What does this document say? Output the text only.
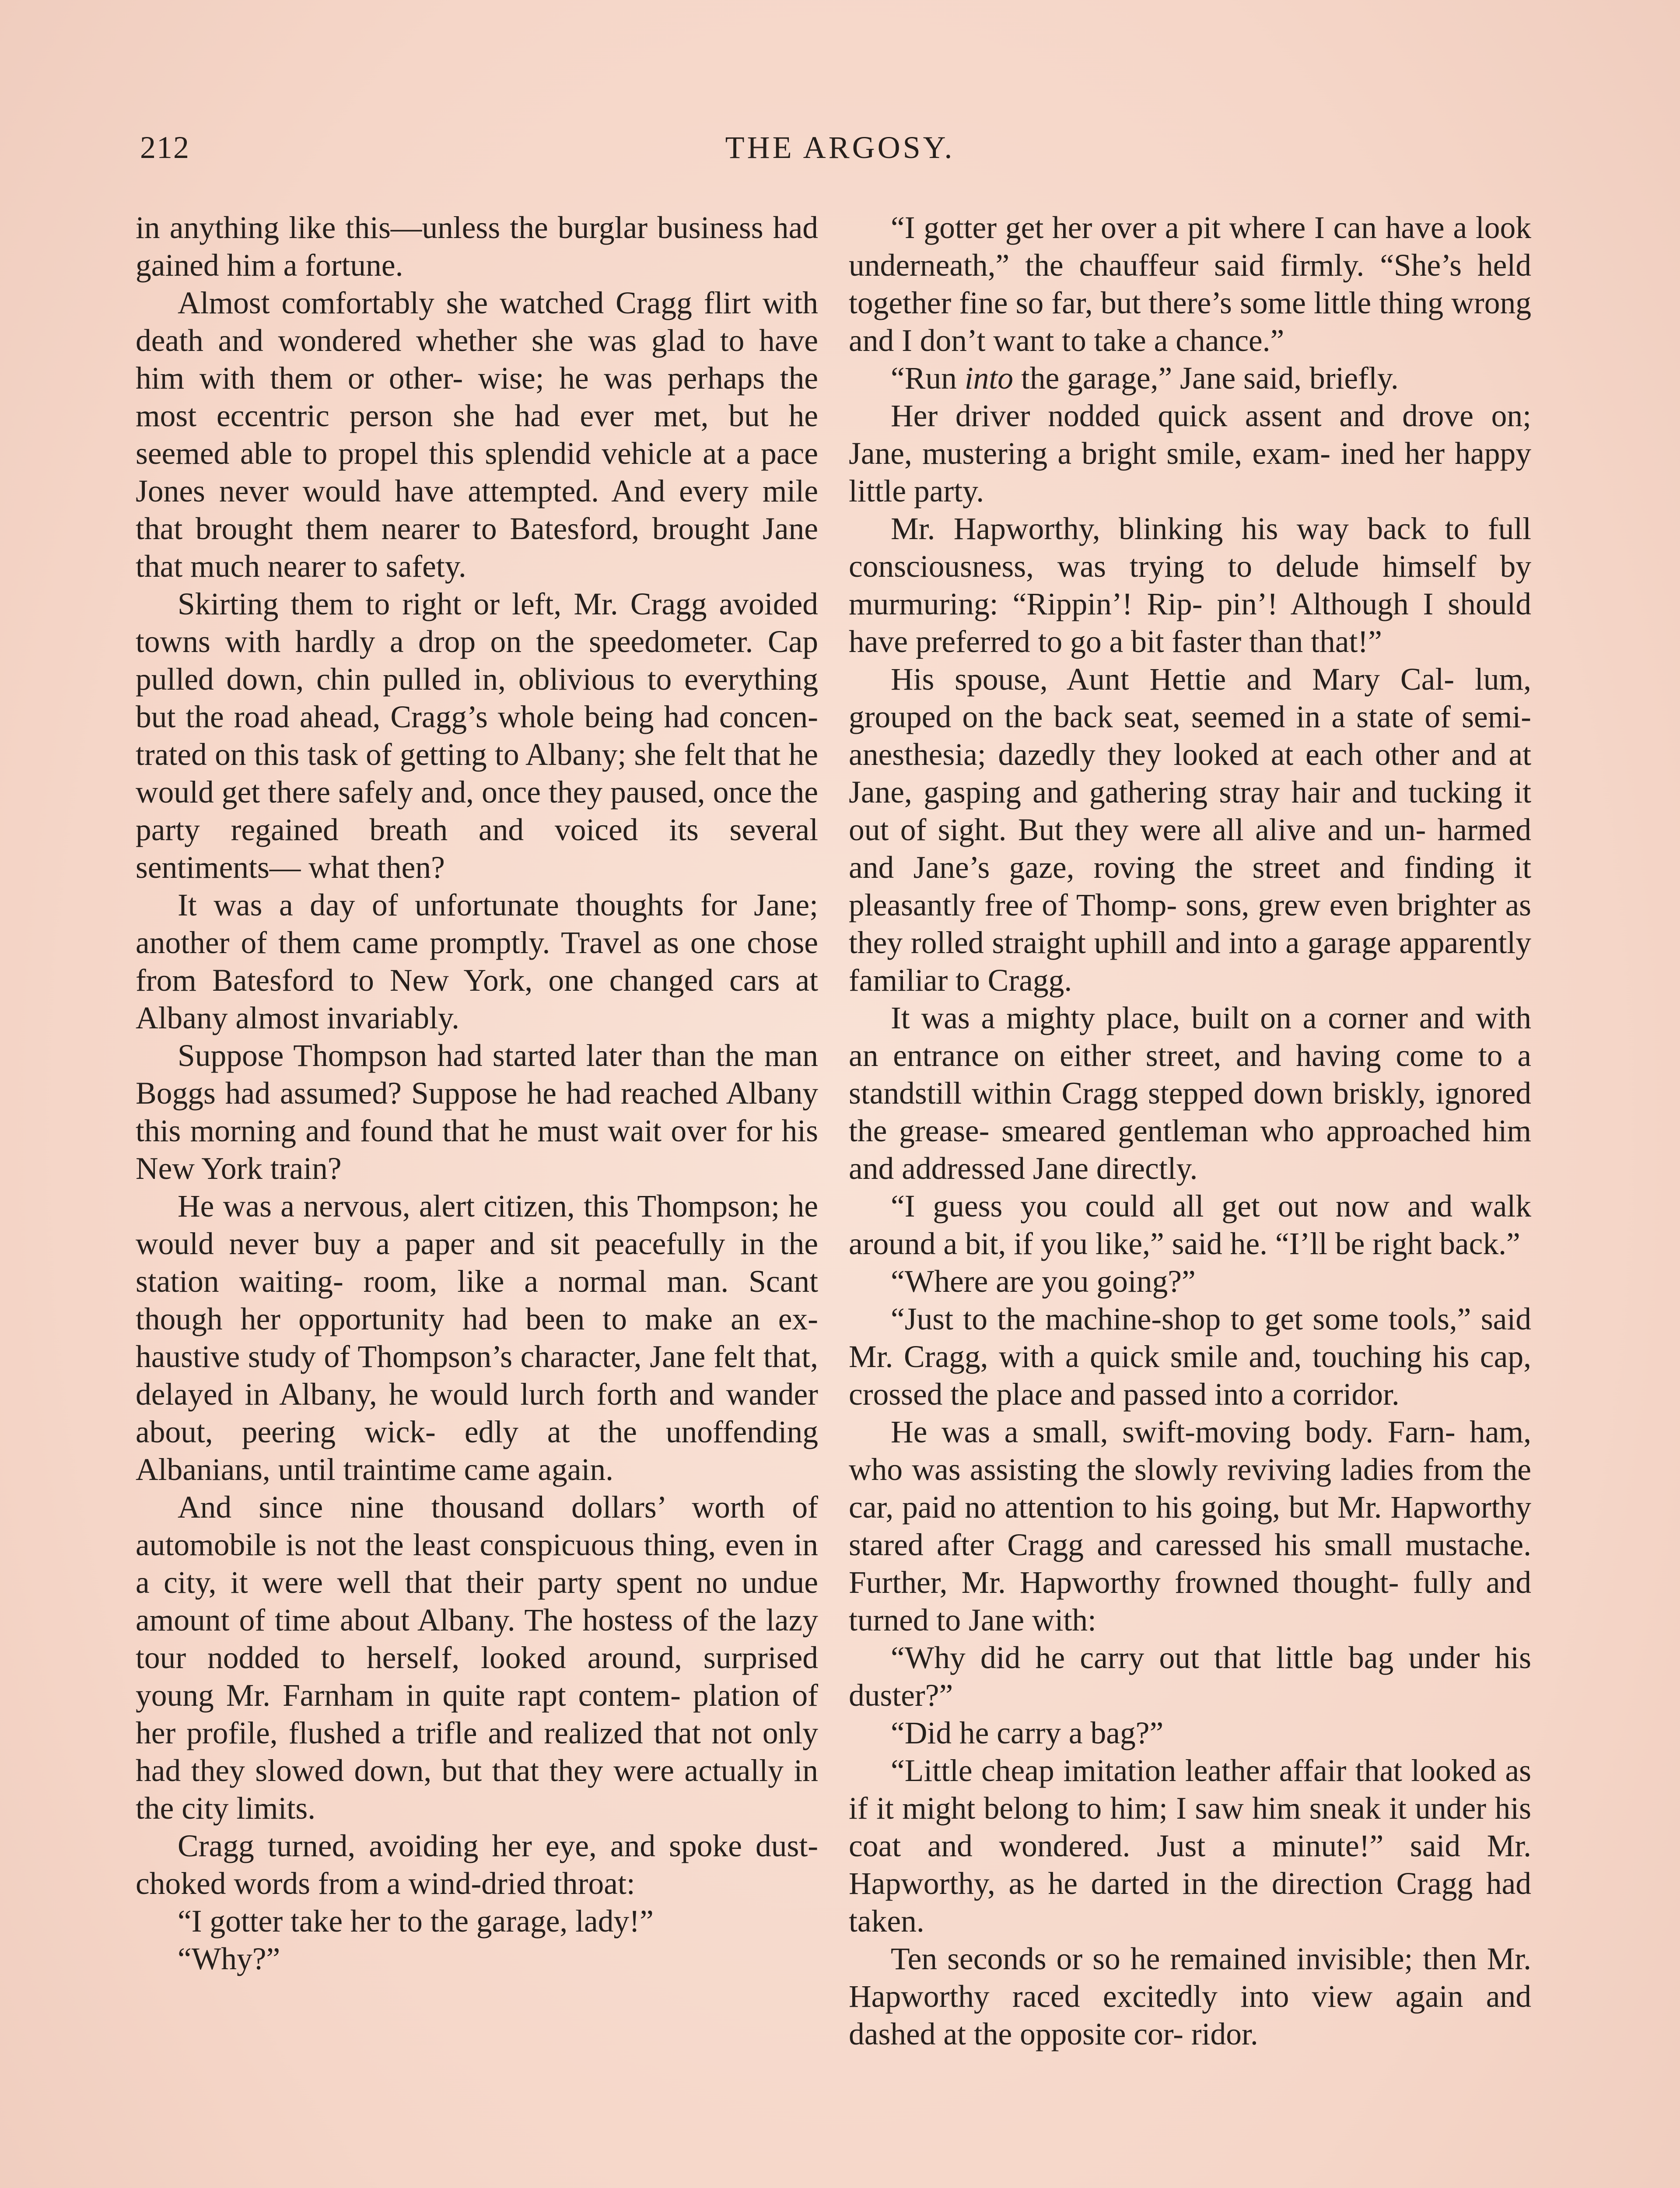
212	THE ARGOSY.

in anything like this—unless the burglar business had gained him a fortune.

Almost comfortably she watched Cragg flirt with death and wondered whether she was glad to have him with them or other- wise; he was perhaps the most eccentric person she had ever met, but he seemed able to propel this splendid vehicle at a pace Jones never would have attempted. And every mile that brought them nearer to Batesford, brought Jane that much nearer to safety.

Skirting them to right or left, Mr. Cragg avoided towns with hardly a drop on the speedometer. Cap pulled down, chin pulled in, oblivious to everything but the road ahead, Cragg’s whole being had concen- trated on this task of getting to Albany; she felt that he would get there safely and, once they paused, once the party regained breath and voiced its several sentiments— what then?

It was a day of unfortunate thoughts for Jane; another of them came promptly. Travel as one chose from Batesford to New York, one changed cars at Albany almost invariably.

Suppose Thompson had started later than the man Boggs had assumed? Suppose he had reached Albany this morning and found that he must wait over for his New York train?

He was a nervous, alert citizen, this Thompson; he would never buy a paper and sit peacefully in the station waiting- room, like a normal man. Scant though her opportunity had been to make an ex- haustive study of Thompson’s character, Jane felt that, delayed in Albany, he would lurch forth and wander about, peering wick- edly at the unoffending Albanians, until traintime came again.

And since nine thousand dollars’ worth of automobile is not the least conspicuous thing, even in a city, it were well that their party spent no undue amount of time about Albany. The hostess of the lazy tour nodded to herself, looked around, surprised young Mr. Farnham in quite rapt contem- plation of her profile, flushed a trifle and realized that not only had they slowed down, but that they were actually in the city limits.

Cragg turned, avoiding her eye, and spoke dust-choked words from a wind-dried throat:

“I gotter take her to the garage, lady!”

“Why?”

“I gotter get her over a pit where I can have a look underneath,” the chauffeur said firmly. “She’s held together fine so far, but there’s some little thing wrong and I don’t want to take a chance.”

“Run into the garage,” Jane said, briefly.

Her driver nodded quick assent and drove on; Jane, mustering a bright smile, exam- ined her happy little party.

Mr. Hapworthy, blinking his way back to full consciousness, was trying to delude himself by murmuring: “Rippin’! Rip- pin’! Although I should have preferred to go a bit faster than that!”

His spouse, Aunt Hettie and Mary Cal- lum, grouped on the back seat, seemed in a state of semi-anesthesia; dazedly they looked at each other and at Jane, gasping and gathering stray hair and tucking it out of sight. But they were all alive and un- harmed and Jane’s gaze, roving the street and finding it pleasantly free of Thomp- sons, grew even brighter as they rolled straight uphill and into a garage apparently familiar to Cragg.

It was a mighty place, built on a corner and with an entrance on either street, and having come to a standstill within Cragg stepped down briskly, ignored the grease- smeared gentleman who approached him and addressed Jane directly.

“I guess you could all get out now and walk around a bit, if you like,” said he. “I’ll be right back.”

“Where are you going?”

“Just to the machine-shop to get some tools,” said Mr. Cragg, with a quick smile and, touching his cap, crossed the place and passed into a corridor.

He was a small, swift-moving body. Farn- ham, who was assisting the slowly reviving ladies from the car, paid no attention to his going, but Mr. Hapworthy stared after Cragg and caressed his small mustache. Further, Mr. Hapworthy frowned thought- fully and turned to Jane with:

“Why did he carry out that little bag under his duster?”

“Did he carry a bag?”

“Little cheap imitation leather affair that looked as if it might belong to him; I saw him sneak it under his coat and wondered. Just a minute!” said Mr. Hapworthy, as he darted in the direction Cragg had taken.

Ten seconds or so he remained invisible; then Mr. Hapworthy raced excitedly into view again and dashed at the opposite cor- ridor.
